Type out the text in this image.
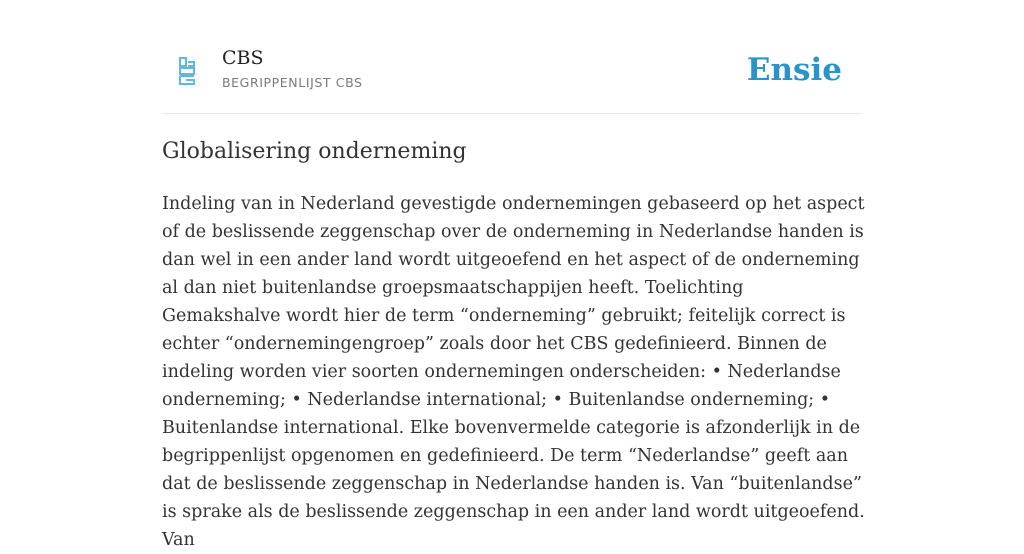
CBS
BEGRIPPENLIJST CBS	Ensie
Globalisering onderneming

Indeling van in Nederland gevestigde ondernemingen gebaseerd op het aspect of de beslissende zeggenschap over de onderneming in Nederlandse handen is dan wel in een ander land wordt uitgeoefend en het aspect of de onderneming al dan niet buitenlandse groepsmaatschappijen heeft. Toelichting Gemakshalve wordt hier de term “onderneming” gebruikt; feitelijk correct is echter “ondernemingengroep” zoals door het CBS gedefinieerd. Binnen de indeling worden vier soorten ondernemingen onderscheiden: • Nederlandse onderneming; • Nederlandse international; • Buitenlandse onderneming; • Buitenlandse international. Elke bovenvermelde categorie is afzonderlijk in de begrippenlijst opgenomen en gedefinieerd. De term “Nederlandse” geeft aan dat de beslissende zeggenschap in Nederlandse handen is. Van “buitenlandse” is sprake als de beslissende zeggenschap in een ander land wordt uitgeoefend. Van
